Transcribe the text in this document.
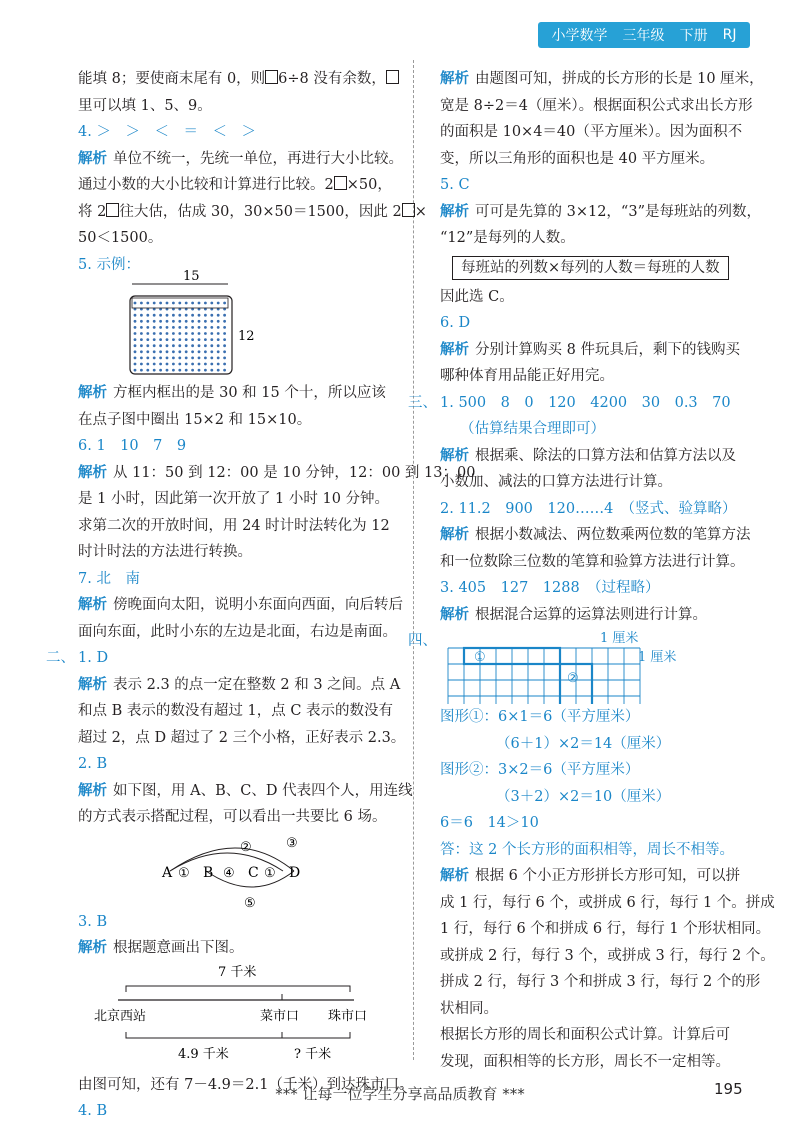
小学数学 三年级 下册 RJ
能填 8；要使商末尾有 0，则 6÷8 没有余数，
里可以填 1、5、9。
4. ＞　＞　＜　＝　＜　＞
解析 单位不统一，先统一单位，再进行大小比较。
通过小数的大小比较和计算进行比较。2 ×50，
将 2 往大估，估成 30，30×50＝1500，因此 2 ×
50＜1500。
5. 示例：
15
12
解析 方框内框出的是 30 和 15 个十，所以应该
在点子图中圈出 15×2 和 15×10。
6. 1　10　7　9
解析 从 11：50 到 12：00 是 10 分钟，12：00 到 13：00
是 1 小时，因此第一次开放了 1 小时 10 分钟。
求第二次的开放时间，用 24 时计时法转化为 12
时计时法的方法进行转换。
7. 北　南
解析 傍晚面向太阳，说明小东面向西面，向后转后
面向东面，此时小东的左边是北面，右边是南面。
二、 1. D
解析 表示 2.3 的点一定在整数 2 和 3 之间。点 A
和点 B 表示的数没有超过 1，点 C 表示的数没有
超过 2，点 D 超过了 2 三个小格，正好表示 2.3。
2. B
解析 如下图，用 A、B、C、D 代表四个人，用连线
的方式表示搭配过程，可以看出一共要比 6 场。
A ① B ④ C ① D
②	③
⑤
3. B
解析 根据题意画出下图。
7 千米
北京西站	菜市口 珠市口
4.9 千米	? 千米
由图可知，还有 7－4.9＝2.1（千米）到达珠市口。
4. B
解析 由题图可知，拼成的长方形的长是 10 厘米，
宽是 8÷2＝4（厘米）。根据面积公式求出长方形
的面积是 10×4＝40（平方厘米）。因为面积不
变，所以三角形的面积也是 40 平方厘米。
5. C
解析 可可是先算的 3×12，“3”是每班站的列数，
“12”是每列的人数。
每班站的列数×每列的人数＝每班的人数
因此选 C。
6. D
解析 分别计算购买 8 件玩具后，剩下的钱购买
哪种体育用品能正好用完。
三、 1. 500　8　0　120　4200　30　0.3　70
（估算结果合理即可）
解析 根据乘、除法的口算方法和估算方法以及
小数加、减法的口算方法进行计算。
2. 11.2　900　120……4　（竖式、验算略）
解析 根据小数减法、两位数乘两位数的笔算方法
和一位数除三位数的笔算和验算方法进行计算。
3. 405　127　1288　（过程略）
解析 根据混合运算的运算法则进行计算。
四、	1 厘米
①
②
1 厘米
图形①：6×1＝6（平方厘米）
（6＋1）×2＝14（厘米）
图形②：3×2＝6（平方厘米）
（3＋2）×2＝10（厘米）
6＝6　14＞10
答：这 2 个长方形的面积相等，周长不相等。
解析 根据 6 个小正方形拼长方形可知，可以拼
成 1 行，每行 6 个，或拼成 6 行，每行 1 个。拼成
1 行，每行 6 个和拼成 6 行，每行 1 个形状相同。
或拼成 2 行，每行 3 个，或拼成 3 行，每行 2 个。
拼成 2 行，每行 3 个和拼成 3 行，每行 2 个的形
状相同。
根据长方形的周长和面积公式计算。计算后可
发现，面积相等的长方形，周长不一定相等。
*** 让每一位学生分享高品质教育 ***	195
